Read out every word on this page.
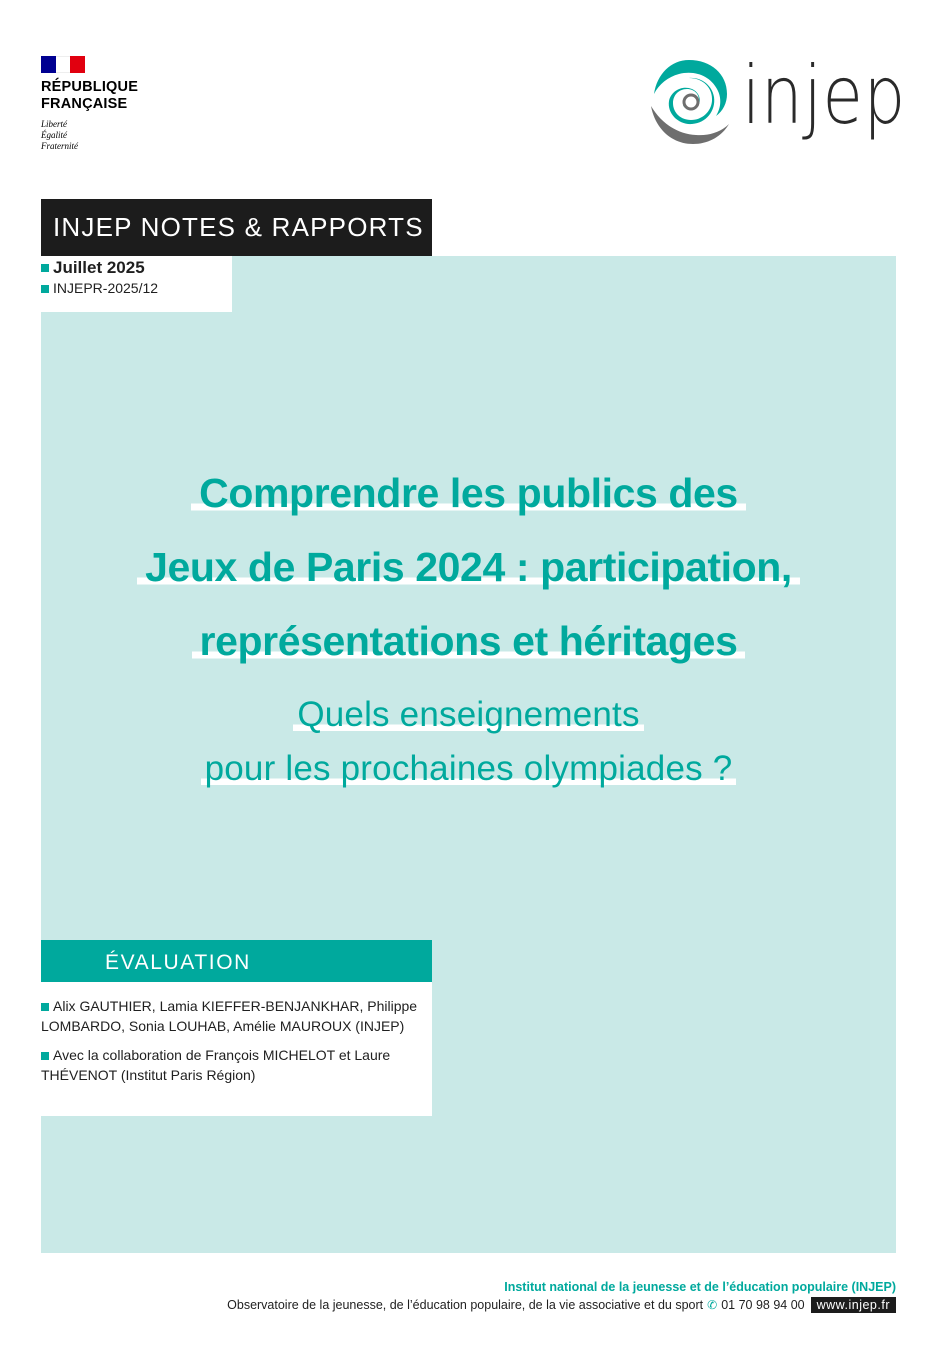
RÉPUBLIQUE
FRANÇAISE
Liberté
Égalité
Fraternité
injep
INJEP NOTES & RAPPORTS
Juillet 2025
INJEPR-2025/12
Comprendre les publics des
Jeux de Paris 2024 : participation,
représentations et héritages
Quels enseignements
pour les prochaines olympiades ?
ÉVALUATION

Alix GAUTHIER, Lamia KIEFFER-BENJANKHAR, Philippe LOMBARDO, Sonia LOUHAB, Amélie MAUROUX (INJEP)

Avec la collaboration de François MICHELOT et Laure THÉVENOT (Institut Paris Région)

Institut national de la jeunesse et de l’éducation populaire (INJEP)
Observatoire de la jeunesse, de l’éducation populaire, de la vie associative et du sport ✆ 01 70 98 94 00 www.injep.fr
